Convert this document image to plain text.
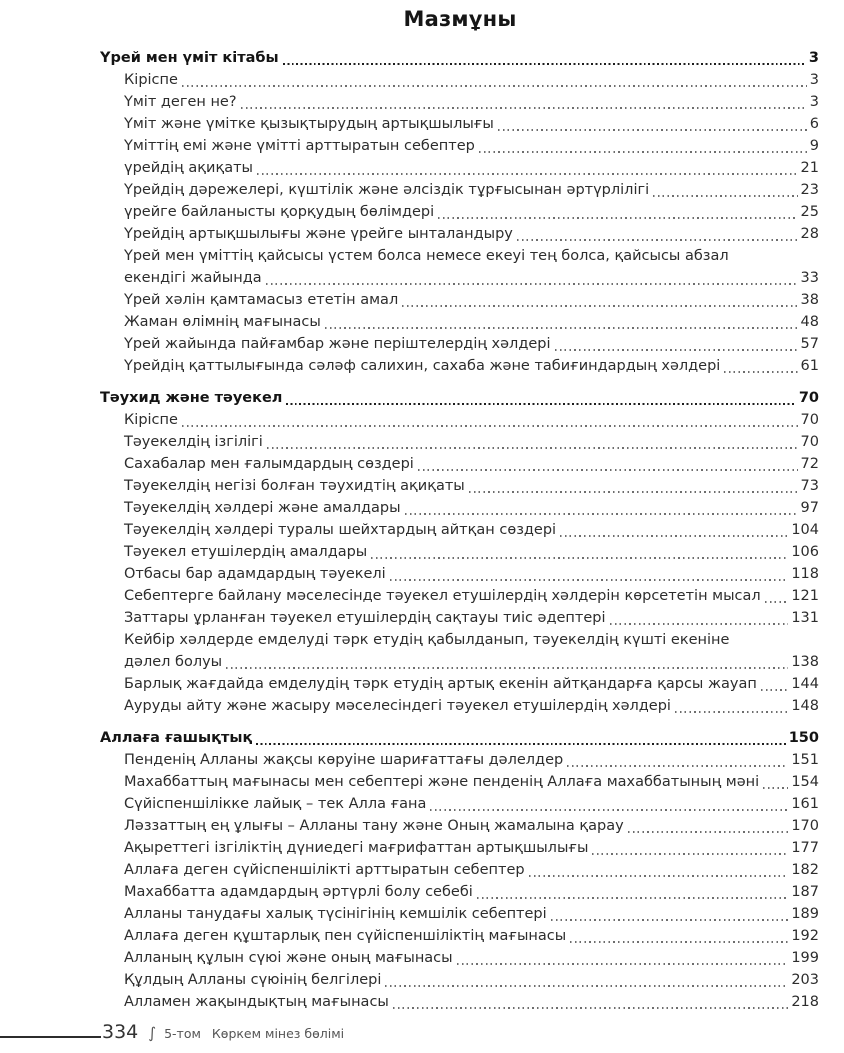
Мазмұны
Үрей мен үміт кітабы	3
Кіріспе	3
Үміт деген не?	3
Үміт және үмітке қызықтырудың артықшылығы	6
Үміттің емі және үмітті арттыратын себептер	9
үрейдің ақиқаты	21
Үрейдің дәрежелері, күштілік және әлсіздік тұрғысынан әртүрлілігі	23
үрейге байланысты қорқудың бөлімдері	25
Үрейдің артықшылығы және үрейге ынталандыру	28
Үрей мен үміттің қайсысы үстем болса немесе екеуі тең болса, қайсысы абзал
екендігі жайында	33
Үрей хәлін қамтамасыз ететін амал	38
Жаман өлімнің мағынасы	48
Үрей жайында пайғамбар және періштелердің хәлдері	57
Үрейдің қаттылығында сәләф салихин, сахаба және табиғиндардың хәлдері	61
Тәухид және тәуекел	70
Кіріспе	70
Тәуекелдің ізгілігі	70
Сахабалар мен ғалымдардың сөздері	72
Тәуекелдің негізі болған тәухидтің ақиқаты	73
Тәуекелдің хәлдері және амалдары	97
Тәуекелдің хәлдері туралы шейхтардың айтқан сөздері	104
Тәуекел етушілердің амалдары	106
Отбасы бар адамдардың тәуекелі	118
Себептерге байлану мәселесінде тәуекел етушілердің хәлдерін көрсететін мысал 121
Заттары ұрланған тәуекел етушілердің сақтауы тиіс әдептері	131
Кейбір хәлдерде емделуді тәрк етудің қабылданып, тәуекелдің күшті екеніне
дәлел болуы	138
Барлық жағдайда емделудің тәрк етудің артық екенін айтқандарға қарсы жауап 144
Ауруды айту және жасыру мәселесіндегі тәуекел етушілердің хәлдері	148
Аллаға ғашықтық	150
Пенденің Алланы жақсы көруіне шариғаттағы дәлелдер	151
Махаббаттың мағынасы мен себептері және пенденің Аллаға махаббатының мәні 154
Сүйіспеншілікке лайық – тек Алла ғана	161
Ләззаттың ең ұлығы – Алланы тану және Оның жамалына қарау	170
Ақыреттегі ізгіліктің дүниедегі мағрифаттан артықшылығы	177
Аллаға деген сүйіспеншілікті арттыратын себептер	182
Махаббатта адамдардың әртүрлі болу себебі	187
Алланы танудағы халық түсінігінің кемшілік себептері	189
Аллаға деген құштарлық пен сүйіспеншіліктің мағынасы	192
Алланың құлын сүюі және оның мағынасы	199
Құлдың Алланы сүюінің белгілері	203
Алламен жақындықтың мағынасы	218
334 ∫ 5-том Көркем мінез бөлімі
